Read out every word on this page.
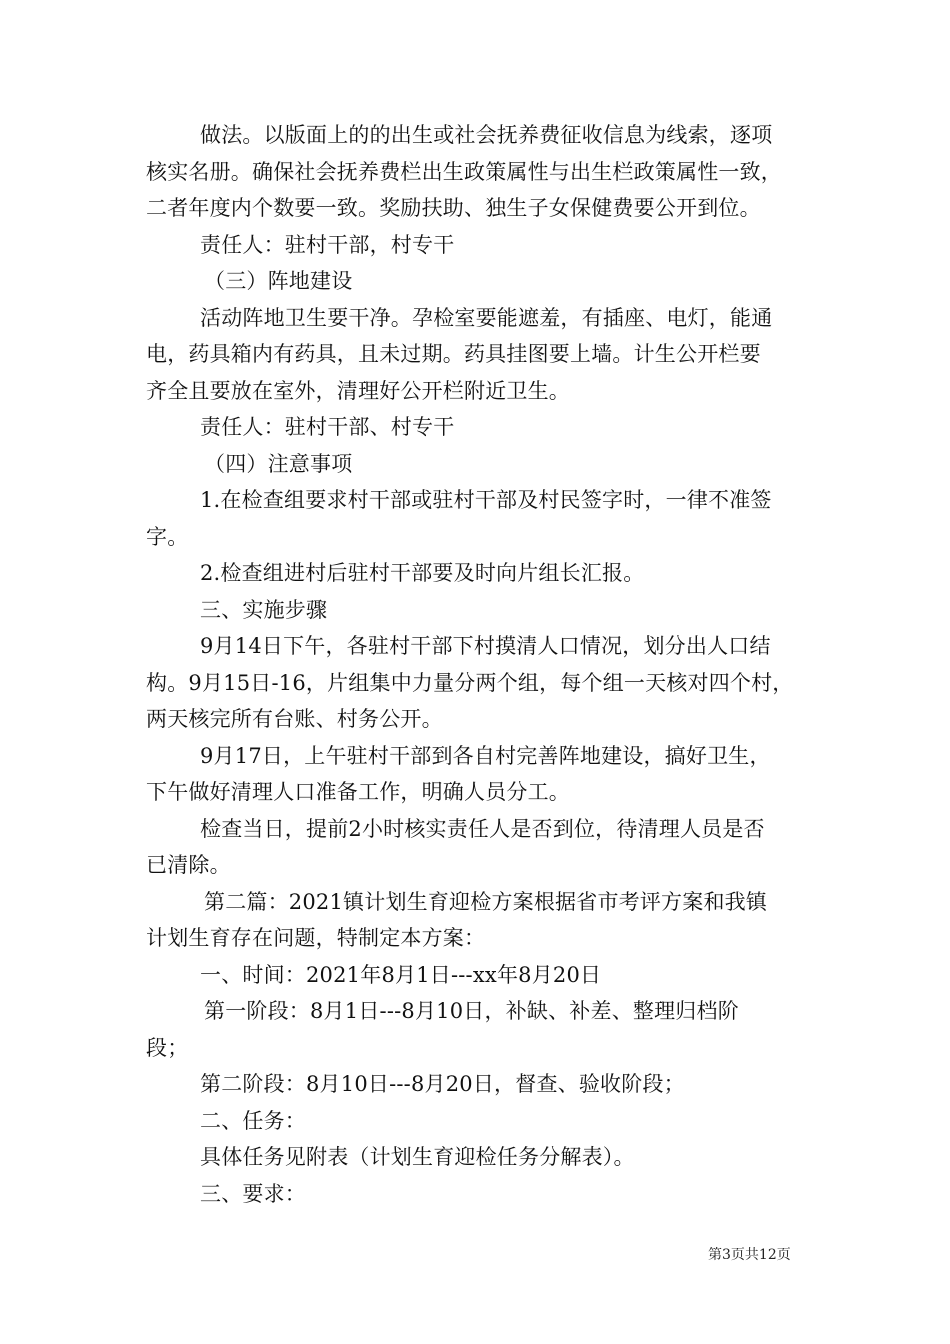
做法。以版面上的的出生或社会抚养费征收信息为线索，逐项
核实名册。确保社会抚养费栏出生政策属性与出生栏政策属性一致，
二者年度内个数要一致。奖励扶助、独生子女保健费要公开到位。
责任人：驻村干部，村专干
（三）阵地建设
活动阵地卫生要干净。孕检室要能遮羞，有插座、电灯，能通
电，药具箱内有药具，且未过期。药具挂图要上墙。计生公开栏要
齐全且要放在室外，清理好公开栏附近卫生。
责任人：驻村干部、村专干
（四）注意事项
1.在检查组要求村干部或驻村干部及村民签字时，一律不准签
字。
2.检查组进村后驻村干部要及时向片组长汇报。
三、实施步骤
9月14日下午，各驻村干部下村摸清人口情况，划分出人口结
构。9月15日-16，片组集中力量分两个组，每个组一天核对四个村，
两天核完所有台账、村务公开。
9月17日，上午驻村干部到各自村完善阵地建设，搞好卫生，
下午做好清理人口准备工作，明确人员分工。
检查当日，提前2小时核实责任人是否到位，待清理人员是否
已清除。
第二篇：2021镇计划生育迎检方案根据省市考评方案和我镇
计划生育存在问题，特制定本方案：
一、时间：2021年8月1日---xx年8月20日
第一阶段：8月1日---8月10日，补缺、补差、整理归档阶
段；
第二阶段：8月10日---8月20日，督查、验收阶段；
二、任务：
具体任务见附表（计划生育迎检任务分解表）。
三、要求：
第3页共12页
